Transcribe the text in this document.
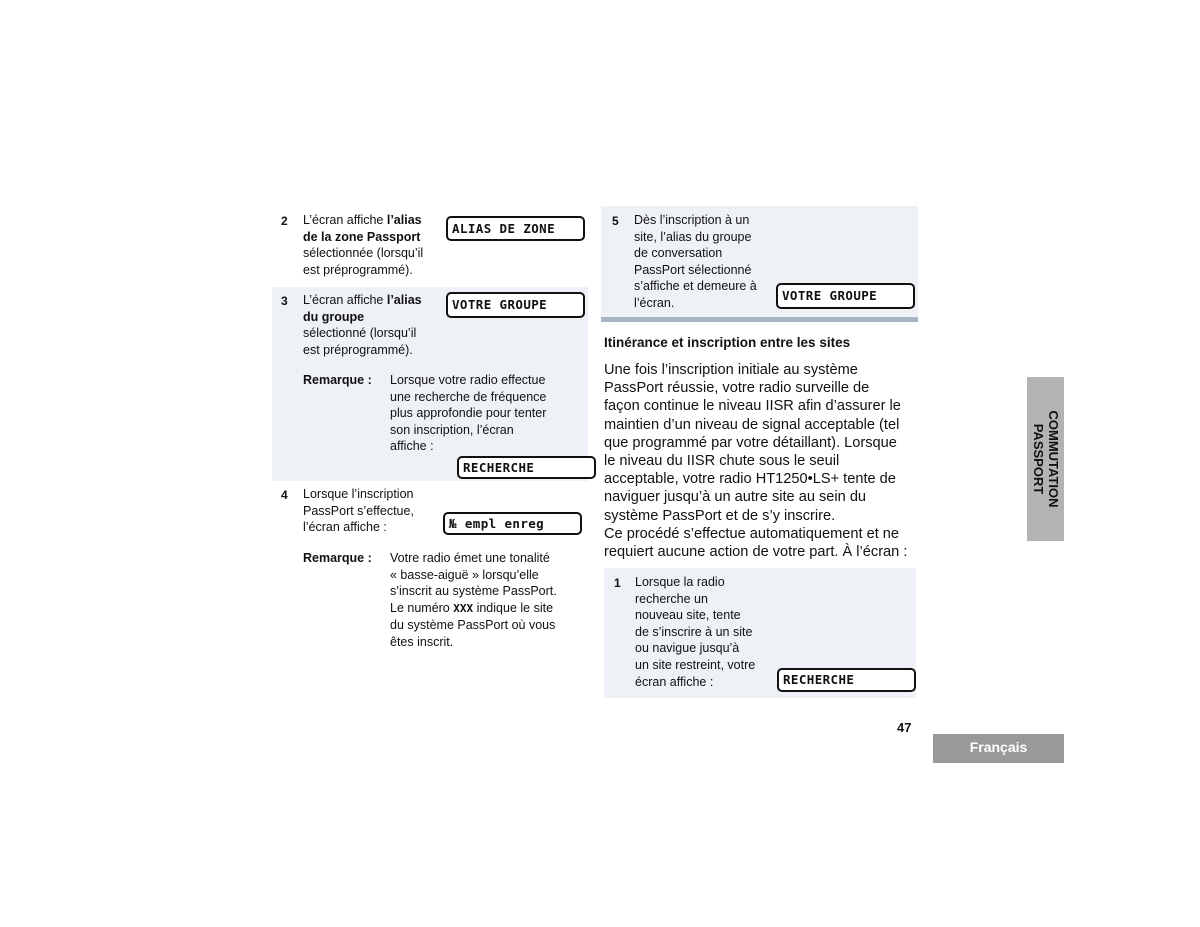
2 L’écran affiche l’alias
de la zone Passport
sélectionnée (lorsqu’il
est préprogrammé).
ALIAS DE ZONE
3 L’écran affiche l’alias
du groupe
sélectionné (lorsqu’il
est préprogrammé).
VOTRE GROUPE
Remarque : Lorsque votre radio effectue
une recherche de fréquence
plus approfondie pour tenter
son inscription, l’écran
affiche :
RECHERCHE
4 Lorsque l’inscription
PassPort s’effectue,
l’écran affiche :	№ empl enreg
Remarque : Votre radio émet une tonalité
« basse-aiguë » lorsqu’elle
s’inscrit au système PassPort.
Le numéro XXX indique le site
du système PassPort où vous
êtes inscrit.
5 Dès l’inscription à un
site, l’alias du groupe
de conversation
PassPort sélectionné
s’affiche et demeure à
l’écran.	VOTRE GROUPE
Itinérance et inscription entre les sites
Une fois l’inscription initiale au système
PassPort réussie, votre radio surveille de
façon continue le niveau IISR afin d’assurer le
maintien d’un niveau de signal acceptable (tel
que programmé par votre détaillant). Lorsque
le niveau du IISR chute sous le seuil
acceptable, votre radio HT1250•LS+ tente de
naviguer jusqu’à un autre site au sein du
système PassPort et de s’y inscrire.
Ce procédé s’effectue automatiquement et ne
requiert aucune action de votre part. À l’écran :
1 Lorsque la radio
recherche un
nouveau site, tente
de s’inscrire à un site
ou navigue jusqu’à
un site restreint, votre
écran affiche :	RECHERCHE
COMMUTATION
PASSPORT
47
Français
